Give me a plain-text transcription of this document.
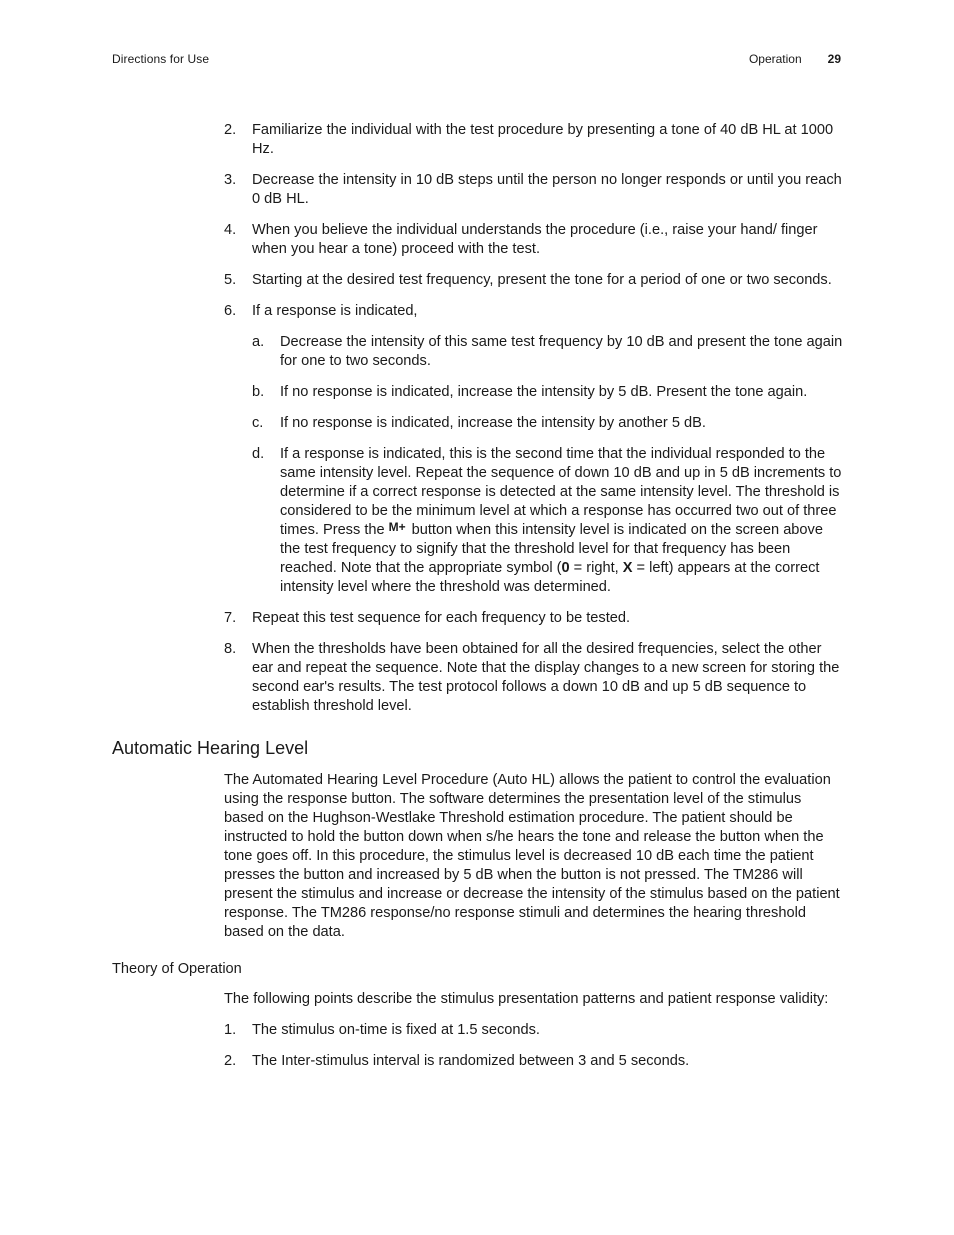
Directions for Use	Operation 29
2. Familiarize the individual with the test procedure by presenting a tone of 40 dB HL at 1000 Hz.
3. Decrease the intensity in 10 dB steps until the person no longer responds or until you reach 0 dB HL.
4. When you believe the individual understands the procedure (i.e., raise your hand/ finger when you hear a tone) proceed with the test.
5. Starting at the desired test frequency, present the tone for a period of one or two seconds.
6. If a response is indicated,
a. Decrease the intensity of this same test frequency by 10 dB and present the tone again for one to two seconds.
b. If no response is indicated, increase the intensity by 5 dB. Present the tone again.
c. If no response is indicated, increase the intensity by another 5 dB.
d. If a response is indicated, this is the second time that the individual responded to the same intensity level. Repeat the sequence of down 10 dB and up in 5 dB increments to determine if a correct response is detected at the same intensity level. The threshold is considered to be the minimum level at which a response has occurred two out of three times. Press the M+ button when this intensity level is indicated on the screen above the test frequency to signify that the threshold level for that frequency has been reached. Note that the appropriate symbol (0 = right, X = left) appears at the correct intensity level where the threshold was determined.
7. Repeat this test sequence for each frequency to be tested.
8. When the thresholds have been obtained for all the desired frequencies, select the other ear and repeat the sequence. Note that the display changes to a new screen for storing the second ear's results. The test protocol follows a down 10 dB and up 5 dB sequence to establish threshold level.
Automatic Hearing Level
The Automated Hearing Level Procedure (Auto HL) allows the patient to control the evaluation using the response button. The software determines the presentation level of the stimulus based on the Hughson-Westlake Threshold estimation procedure. The patient should be instructed to hold the button down when s/he hears the tone and release the button when the tone goes off. In this procedure, the stimulus level is decreased 10 dB each time the patient presses the button and increased by 5 dB when the button is not pressed. The TM286 will present the stimulus and increase or decrease the intensity of the stimulus based on the patient response. The TM286 response/no response stimuli and determines the hearing threshold based on the data.
Theory of Operation
The following points describe the stimulus presentation patterns and patient response validity:
1. The stimulus on-time is fixed at 1.5 seconds.
2. The Inter-stimulus interval is randomized between 3 and 5 seconds.
